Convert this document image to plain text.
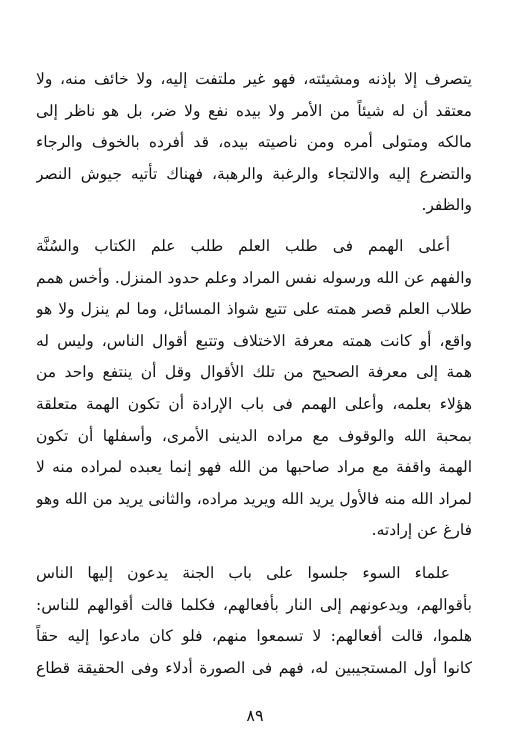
يتصرف إلا بإذنه ومشيئته، فهو غير ملتفت إليه، ولا خائف منه، ولا
معتقد أن له شيئاً من الأمر ولا بيده نفع ولا ضر، بل هو ناظر إلى
مالكه ومتولى أمره ومن ناصيته بيده، قد أفرده بالخوف والرجاء
والتضرع إليه والالتجاء والرغبة والرهبة، فهناك تأتيه جيوش النصر
والظفر.
أعلى الهمم فى طلب العلم طلب علم الكتاب والسُنَّة
والفهم عن الله ورسوله نفس المراد وعلم حدود المنزل. وأخس همم
طلاب العلم قصر همته على تتبع شواذ المسائل، وما لم ينزل ولا هو
واقع، أو كانت همته معرفة الاختلاف وتتبع أقوال الناس، وليس له
همة إلى معرفة الصحيح من تلك الأقوال وقل أن ينتفع واحد من
هؤلاء بعلمه، وأعلى الهمم فى باب الإرادة أن تكون الهمة متعلقة
بمحبة الله والوقوف مع مراده الدينى الأمرى، وأسفلها أن تكون
الهمة واقفة مع مراد صاحبها من الله فهو إنما يعبده لمراده منه لا
لمراد الله منه فالأول يريد الله ويريد مراده، والثانى يريد من الله وهو
فارغ عن إرادته.
علماء السوء جلسوا على باب الجنة يدعون إليها الناس
بأقوالهم، ويدعونهم إلى النار بأفعالهم، فكلما قالت أقوالهم للناس:
هلموا، قالت أفعالهم: لا تسمعوا منهم، فلو كان مادعوا إليه حقاً
كانوا أول المستجيبين له، فهم فى الصورة أدلاء وفى الحقيقة قطاع
٨٩
